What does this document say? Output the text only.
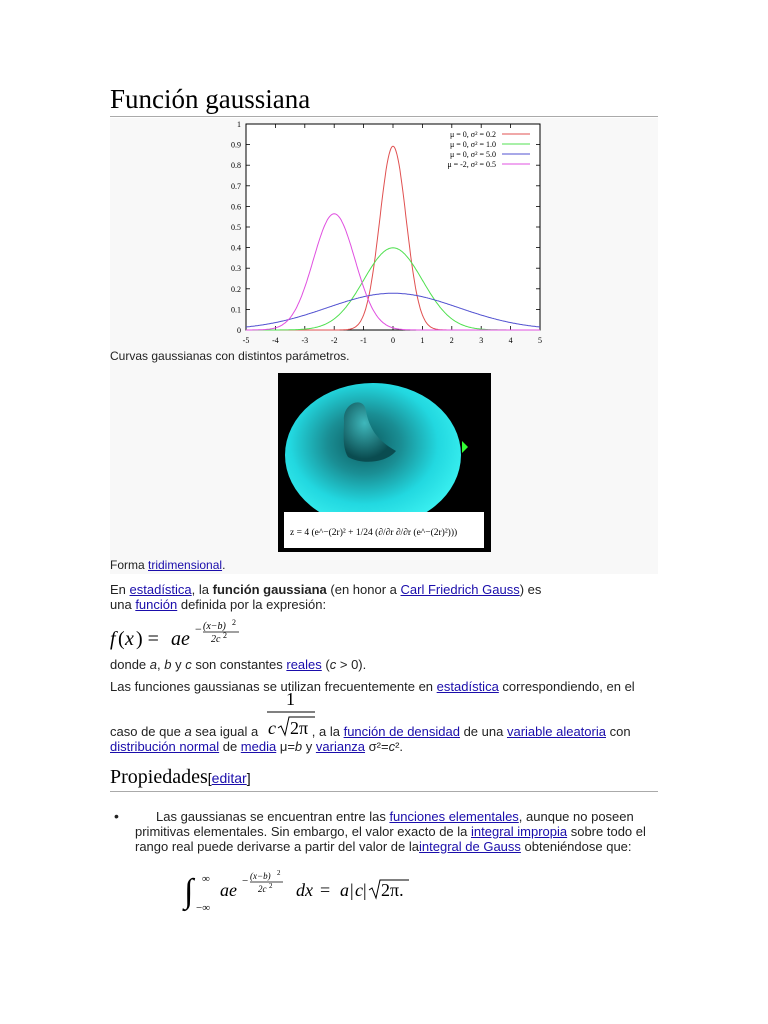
Función gaussiana
0
0.1
0.2
0.3
0.4
0.5
0.6
0.7
0.8
0.9
1
-5	-4	-3	-2	-1	0	1	2	3	4	5
μ = 0, σ² = 0.2
μ = 0, σ² = 1.0
μ = 0, σ² = 5.0
μ = -2, σ² = 0.5
Curvas gaussianas con distintos parámetros.
z = 4 (e^−(2r)² + 1/24 (∂/∂r ∂/∂r (e^−(2r)²)))
Forma tridimensional.
En estadística, la función gaussiana (en honor a Carl Friedrich Gauss) es
una función definida por la expresión:
f ( x ) = ae − (x−b) 2
2c 2
donde a, b y c son constantes reales (c > 0).
Las funciones gaussianas se utilizan frecuentemente en estadística correspondiendo, en el
caso de que a sea igual a	, a la función de densidad de una variable aleatoria con
1
c 2π
distribución normal de media μ=b y varianza σ²=c².
Propiedades[editar]
•	Las gaussianas se encuentran entre las funciones elementales, aunque no poseen primitivas elementales. Sin embargo, el valor exacto de la integral impropia sobre todo el rango real puede derivarse a partir del valor de laintegral de Gauss obteniéndose que:
∫ ∞
−∞
ae − (x−b) 2
2c 2 dx = a | c | 2π.
